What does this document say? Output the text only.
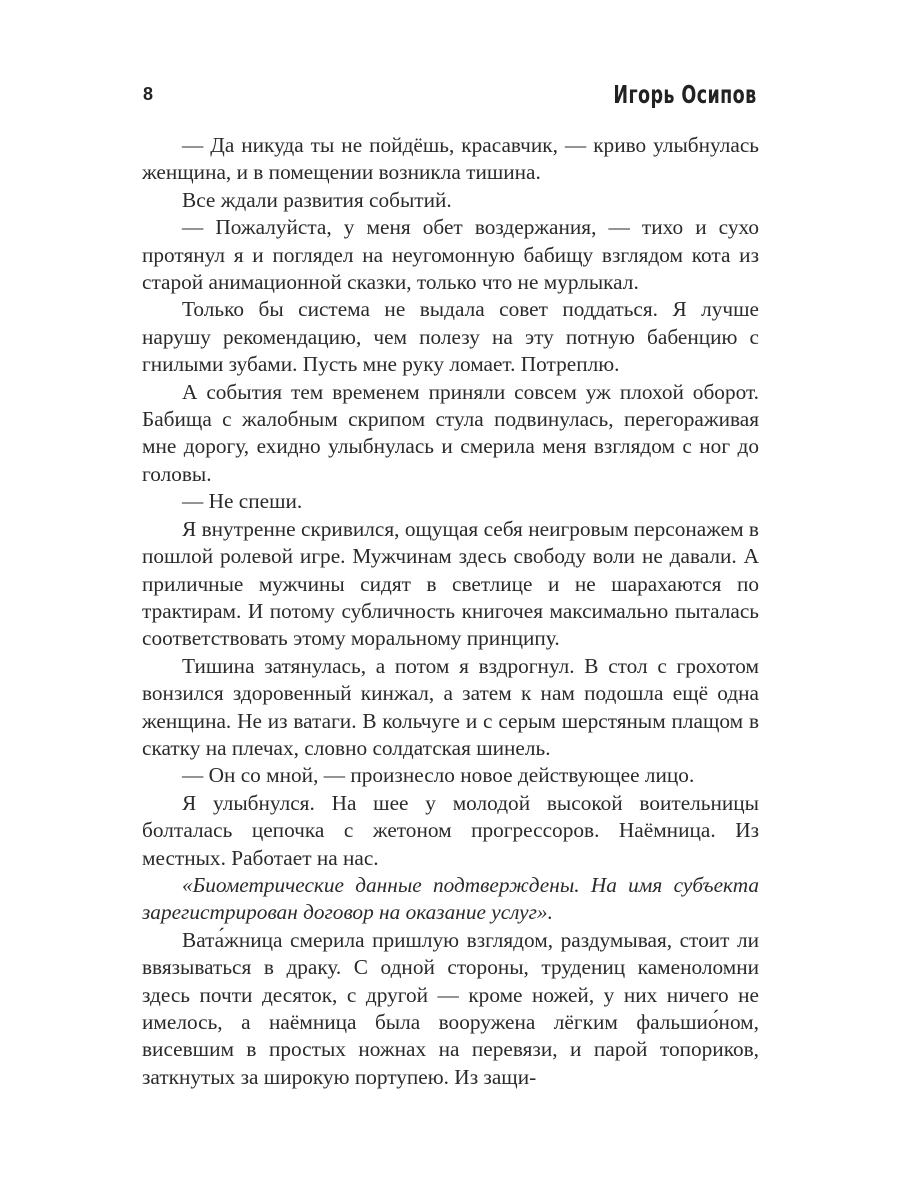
8	Игорь Осипов

— Да никуда ты не пойдёшь, красавчик, — криво улыбнулась женщина, и в помещении возникла тишина.

Все ждали развития событий.

— Пожалуйста, у меня обет воздержания, — тихо и сухо протянул я и поглядел на неугомонную бабищу взглядом кота из старой анимационной сказки, только что не мурлыкал.

Только бы система не выдала совет поддаться. Я лучше нарушу рекомендацию, чем полезу на эту потную бабенцию с гнилыми зубами. Пусть мне руку ломает. Потреплю.

А события тем временем приняли совсем уж плохой оборот. Бабища с жалобным скрипом стула подвинулась, перегораживая мне дорогу, ехидно улыбнулась и смерила меня взглядом с ног до головы.

— Не спеши.

Я внутренне скривился, ощущая себя неигровым персонажем в пошлой ролевой игре. Мужчинам здесь свободу воли не давали. А приличные мужчины сидят в светлице и не шарахаются по трактирам. И потому субличность книгочея максимально пыталась соответствовать этому моральному принципу.

Тишина затянулась, а потом я вздрогнул. В стол с грохотом вонзился здоровенный кинжал, а затем к нам подошла ещё одна женщина. Не из ватаги. В кольчуге и с серым шерстяным плащом в скатку на плечах, словно солдатская шинель.

— Он со мной, — произнесло новое действующее лицо.

Я улыбнулся. На шее у молодой высокой воительницы болталась цепочка с жетоном прогрессоров. Наёмница. Из местных. Работает на нас.

«Биометрические данные подтверждены. На имя субъекта зарегистрирован договор на оказание услуг».

Вата́жница смерила пришлую взглядом, раздумывая, стоит ли ввязываться в драку. С одной стороны, трудениц каменоломни здесь почти десяток, с другой — кроме ножей, у них ничего не имелось, а наёмница была вооружена лёгким фальшио́ном, висевшим в простых ножнах на перевязи, и парой топориков, заткнутых за широкую портупею. Из защи-
